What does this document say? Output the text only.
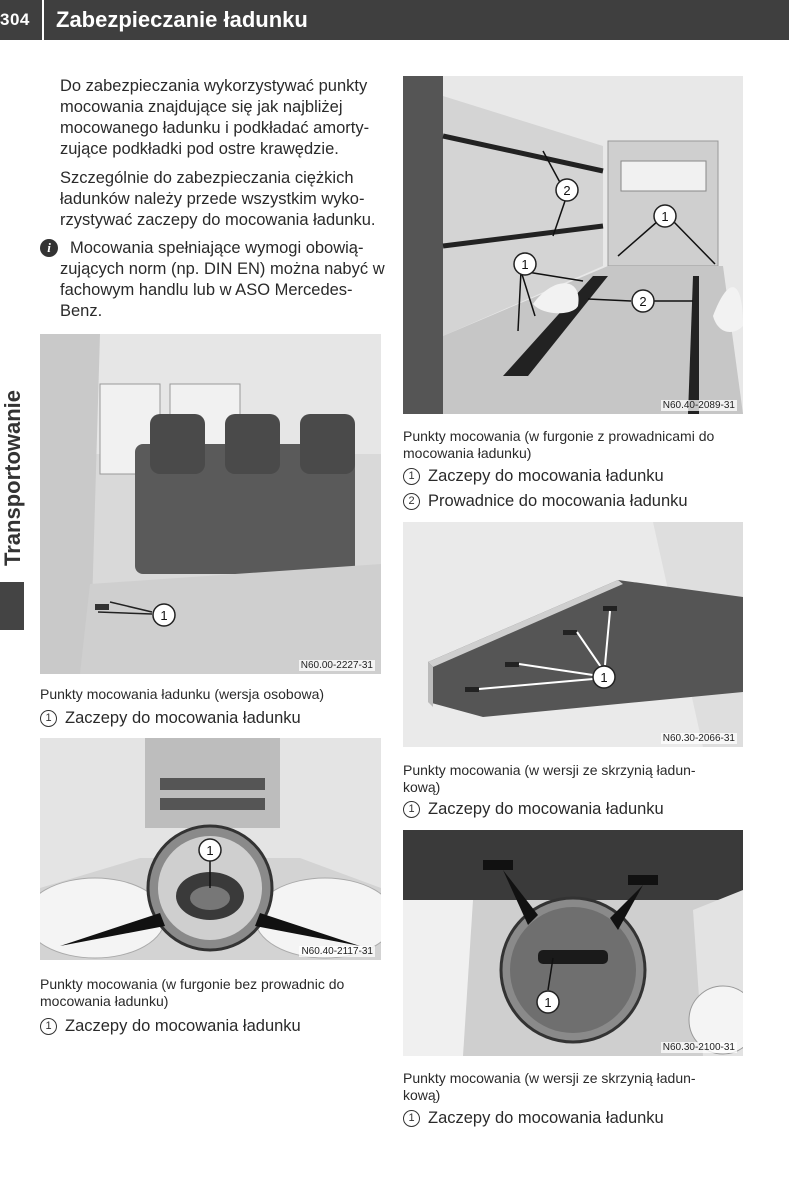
304	Zabezpieczanie ładunku
Transportowanie
Do zabezpieczania wykorzystywać punkty
mocowania znajdujące się jak najbliżej
mocowanego ładunku i podkładać amorty-
zujące podkładki pod ostre krawędzie.
Szczególnie do zabezpieczania ciężkich
ładunków należy przede wszystkim wyko-
rzystywać zaczepy do mocowania ładunku.
i	Mocowania spełniające wymogi obowią-
zujących norm (np. DIN EN) można nabyć w
fachowym handlu lub w ASO Mercedes-
Benz.
1
N60.00-2227-31
Punkty mocowania ładunku (wersja osobowa)
1 Zaczepy do mocowania ładunku
1
N60.40-2117-31
Punkty mocowania (w furgonie bez prowadnic do
mocowania ładunku)
1 Zaczepy do mocowania ładunku
2
1
1
2
N60.40-2089-31
Punkty mocowania (w furgonie z prowadnicami do
mocowania ładunku)
1 Zaczepy do mocowania ładunku
2 Prowadnice do mocowania ładunku
1
N60.30-2066-31
Punkty mocowania (w wersji ze skrzynią ładun-
kową)
1 Zaczepy do mocowania ładunku
1
N60.30-2100-31
Punkty mocowania (w wersji ze skrzynią ładun-
kową)
1 Zaczepy do mocowania ładunku
